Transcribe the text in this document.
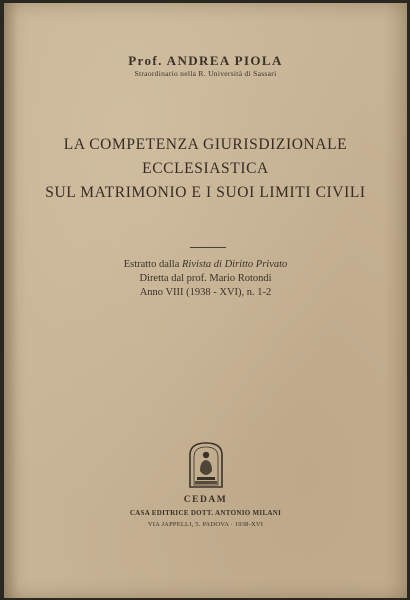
Prof. ANDREA PIOLA
Straordinario nella R. Università di Sassari
LA COMPETENZA GIURISDIZIONALE
ECCLESIASTICA
SUL MATRIMONIO E I SUOI LIMITI CIVILI
Estratto dalla Rivista di Diritto Privato
Diretta dal prof. Mario Rotondi
Anno VIII (1938 - XVI), n. 1-2
CEDAM
CASA EDITRICE DOTT. ANTONIO MILANI
VIA JAPPELLI, 5. PADOVA · 1938-XVI
